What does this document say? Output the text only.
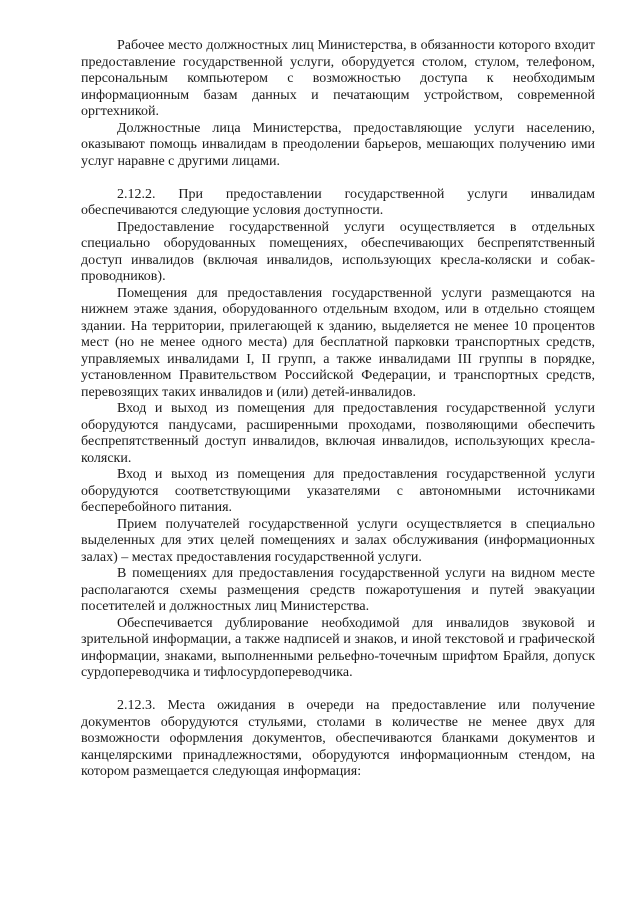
Рабочее место должностных лиц Министерства, в обязанности которого входит предоставление государственной услуги, оборудуется столом, стулом, телефоном, персональным компьютером с возможностью доступа к необходимым информационным базам данных и печатающим устройством, современной оргтехникой.

Должностные лица Министерства, предоставляющие услуги населению, оказывают помощь инвалидам в преодолении барьеров, мешающих получению ими услуг наравне с другими лицами.

2.12.2. При предоставлении государственной услуги инвалидам обеспечиваются следующие условия доступности.

Предоставление государственной услуги осуществляется в отдельных специально оборудованных помещениях, обеспечивающих беспрепятственный доступ инвалидов (включая инвалидов, использующих кресла-коляски и собак-проводников).

Помещения для предоставления государственной услуги размещаются на нижнем этаже здания, оборудованного отдельным входом, или в отдельно стоящем здании. На территории, прилегающей к зданию, выделяется не менее 10 процентов мест (но не менее одного места) для бесплатной парковки транспортных средств, управляемых инвалидами I, II групп, а также инвалидами III группы в порядке, установленном Правительством Российской Федерации, и транспортных средств, перевозящих таких инвалидов и (или) детей-инвалидов.

Вход и выход из помещения для предоставления государственной услуги оборудуются пандусами, расширенными проходами, позволяющими обеспечить беспрепятственный доступ инвалидов, включая инвалидов, использующих кресла-коляски.

Вход и выход из помещения для предоставления государственной услуги оборудуются соответствующими указателями с автономными источниками бесперебойного питания.

Прием получателей государственной услуги осуществляется в специально выделенных для этих целей помещениях и залах обслуживания (информационных залах) – местах предоставления государственной услуги.

В помещениях для предоставления государственной услуги на видном месте располагаются схемы размещения средств пожаротушения и путей эвакуации посетителей и должностных лиц Министерства.

Обеспечивается дублирование необходимой для инвалидов звуковой и зрительной информации, а также надписей и знаков, и иной текстовой и графической информации, знаками, выполненными рельефно-точечным шрифтом Брайля, допуск сурдопереводчика и тифлосурдопереводчика.

2.12.3. Места ожидания в очереди на предоставление или получение документов оборудуются стульями, столами в количестве не менее двух для возможности оформления документов, обеспечиваются бланками документов и канцелярскими принадлежностями, оборудуются информационным стендом, на котором размещается следующая информация:
